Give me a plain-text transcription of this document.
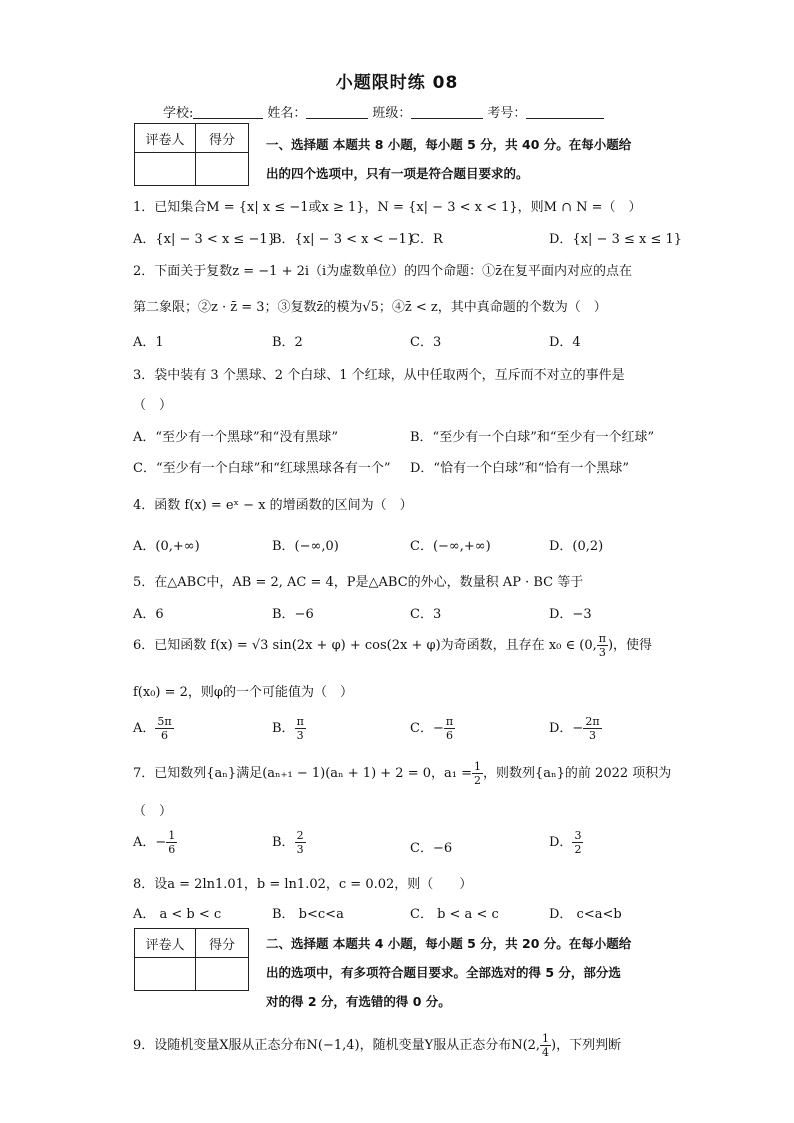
小题限时练 08
学校:	姓名：	班级：	考号：
评卷人	得分
	一、选择题 本题共 8 小题，每小题 5 分，共 40 分。在每小题给
出的四个选项中，只有一项是符合题目要求的。
1．已知集合M = {x| x ≤ −1或x ≥ 1}，N = {x| − 3 < x < 1}，则M ∩ N =（　）
A．{x| − 3 < x ≤ −1}
B．{x| − 3 < x < −1}
C．R	D．{x| − 3 ≤ x ≤ 1}
2．下面关于复数z = −1 + 2i（i为虚数单位）的四个命题：①z̄在复平面内对应的点在
第二象限；②z · z̄ = 3；③复数z̄的模为√5；④z̄ < z，其中真命题的个数为（　）
A．1	B．2	C．3	D．4
3．袋中装有 3 个黑球、2 个白球、1 个红球，从中任取两个，互斥而不对立的事件是
（　）
A．“至少有一个黑球”和“没有黑球”	B．“至少有一个白球”和“至少有一个红球”
C．“至少有一个白球”和“红球黑球各有一个” D．“恰有一个白球”和“恰有一个黑球”
4．函数 f(x) = eˣ − x 的增函数的区间为（　）
A．(0,+∞)	B．(−∞,0)	C．(−∞,+∞)	D．(0,2)
5．在△ABC中，AB = 2, AC = 4，P是△ABC的外心，数量积 AP · BC 等于
A．6	B．−6	C．3	D．−3
6．已知函数 f(x) = √3 sin(2x + φ) + cos(2x + φ)为奇函数，且存在 x₀ ∈ (0, $\frac{\pi}{3}$ )，使得
f(x₀) = 2，则φ的一个可能值为（　）
A． $\frac{5\pi}{6}$	B． $\frac{\pi}{3}$	C．− $\frac{\pi}{6}$	D．− $\frac{2\pi}{3}$
7．已知数列{aₙ}满足(aₙ₊₁ − 1)(aₙ + 1) + 2 = 0，$a_1 = \frac{1}{2}$ ，则数列{aₙ}的前 2022 项积为
（　）
A．− $\frac{1}{6}$	B． $\frac{2}{3}$	C．−6	D． $\frac{3}{2}$
8．设a = 2ln1.01，b = ln1.02，c = 0.02，则（　　）
A． a < b < c	B． b<c<a	C． b < a < c	D． c<a<b
评卷人	得分
	二、选择题 本题共 4 小题，每小题 5 分，共 20 分。在每小题给
出的选项中，有多项符合题目要求。全部选对的得 5 分，部分选
对的得 2 分，有选错的得 0 分。
9．设随机变量X服从正态分布N(−1,4)，随机变量Y服从正态分布N(2, $\frac{1}{4}$ )，下列判断
